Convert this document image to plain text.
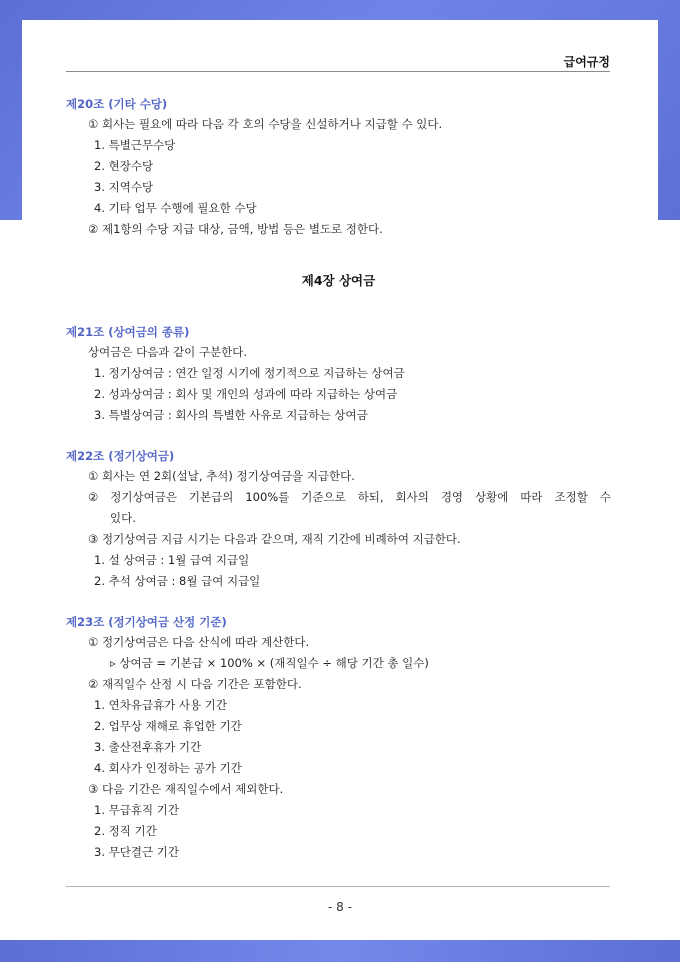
급여규정
제20조 (기타 수당)
① 회사는 필요에 따라 다음 각 호의 수당을 신설하거나 지급할 수 있다.
1. 특별근무수당
2. 현장수당
3. 지역수당
4. 기타 업무 수행에 필요한 수당
② 제1항의 수당 지급 대상, 금액, 방법 등은 별도로 정한다.
제4장 상여금
제21조 (상여금의 종류)
상여금은 다음과 같이 구분한다.
1. 정기상여금 : 연간 일정 시기에 정기적으로 지급하는 상여금
2. 성과상여금 : 회사 및 개인의 성과에 따라 지급하는 상여금
3. 특별상여금 : 회사의 특별한 사유로 지급하는 상여금
제22조 (정기상여금)
① 회사는 연 2회(설날, 추석) 정기상여금을 지급한다.
② 정기상여금은 기본급의 100%를 기준으로 하되, 회사의 경영 상황에 따라 조정할 수
있다.
③ 정기상여금 지급 시기는 다음과 같으며, 재직 기간에 비례하여 지급한다.
1. 설 상여금 : 1월 급여 지급일
2. 추석 상여금 : 8월 급여 지급일
제23조 (정기상여금 산정 기준)
① 정기상여금은 다음 산식에 따라 계산한다.
▹ 상여금 = 기본급 × 100% × (재직일수 ÷ 해당 기간 총 일수)
② 재직일수 산정 시 다음 기간은 포함한다.
1. 연차유급휴가 사용 기간
2. 업무상 재해로 휴업한 기간
3. 출산전후휴가 기간
4. 회사가 인정하는 공가 기간
③ 다음 기간은 재직일수에서 제외한다.
1. 무급휴직 기간
2. 정직 기간
3. 무단결근 기간
- 8 -
